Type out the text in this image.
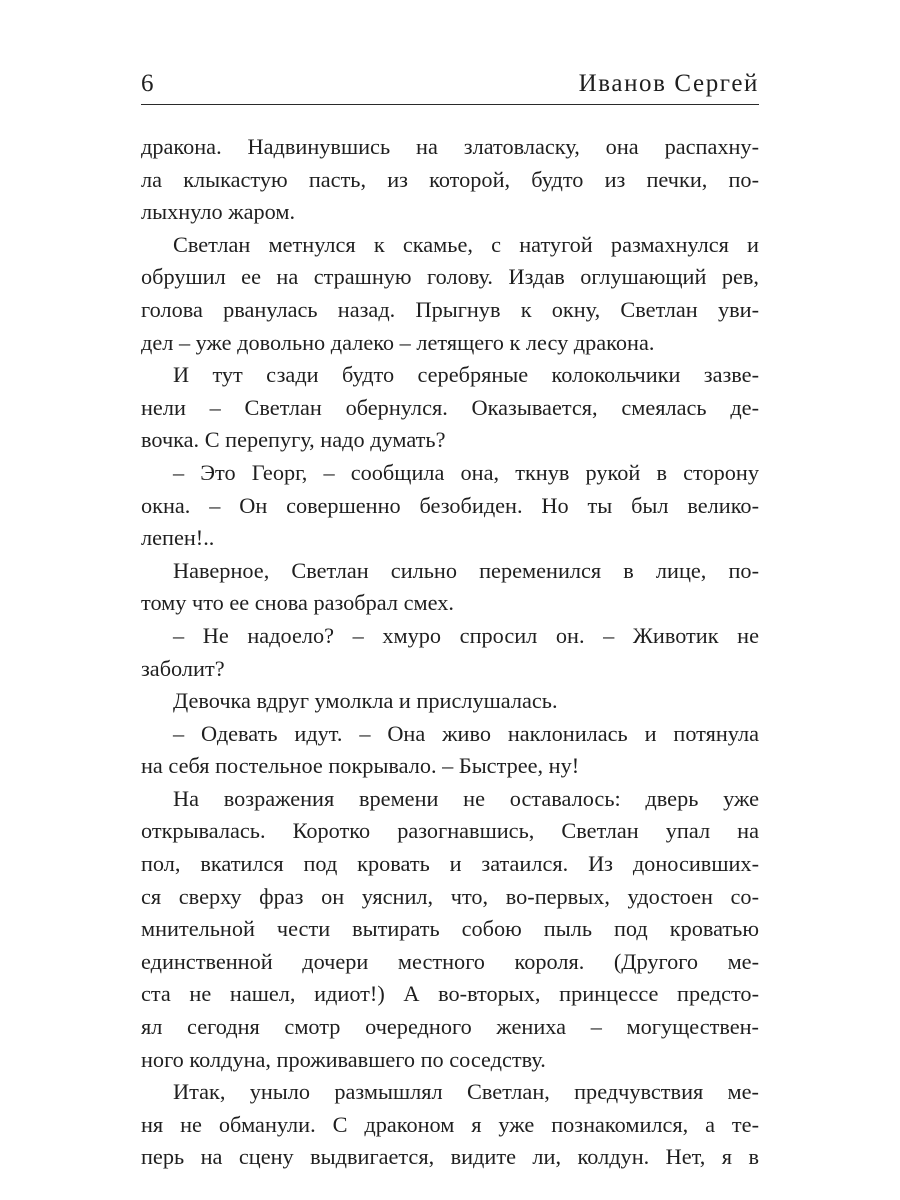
6	Иванов Сергей
дракона. Надвинувшись на златовласку, она распахну-
ла клыкастую пасть, из которой, будто из печки, по-
лыхнуло жаром.
Светлан метнулся к скамье, с натугой размахнулся и
обрушил ее на страшную голову. Издав оглушающий рев,
голова рванулась назад. Прыгнув к окну, Светлан уви-
дел – уже довольно далеко – летящего к лесу дракона.
И тут сзади будто серебряные колокольчики зазве-
нели – Светлан обернулся. Оказывается, смеялась де-
вочка. С перепугу, надо думать?
– Это Георг, – сообщила она, ткнув рукой в сторону
окна. – Он совершенно безобиден. Но ты был велико-
лепен!..
Наверное, Светлан сильно переменился в лице, по-
тому что ее снова разобрал смех.
– Не надоело? – хмуро спросил он. – Животик не
заболит?
Девочка вдруг умолкла и прислушалась.
– Одевать идут. – Она живо наклонилась и потянула
на себя постельное покрывало. – Быстрее, ну!
На возражения времени не оставалось: дверь уже
открывалась. Коротко разогнавшись, Светлан упал на
пол, вкатился под кровать и затаился. Из доносивших-
ся сверху фраз он уяснил, что, во-первых, удостоен со-
мнительной чести вытирать собою пыль под кроватью
единственной дочери местного короля. (Другого ме-
ста не нашел, идиот!) А во-вторых, принцессе предсто-
ял сегодня смотр очередного жениха – могуществен-
ного колдуна, проживавшего по соседству.
Итак, уныло размышлял Светлан, предчувствия ме-
ня не обманули. С драконом я уже познакомился, а те-
перь на сцену выдвигается, видите ли, колдун. Нет, я в
